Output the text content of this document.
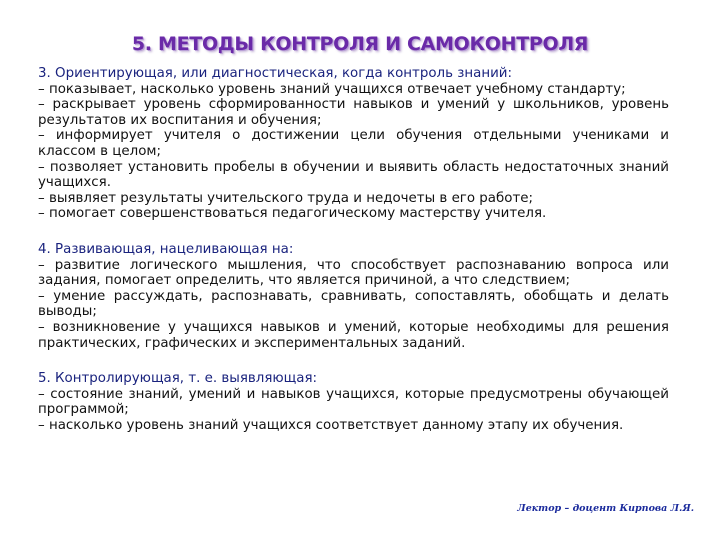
5. МЕТОДЫ КОНТРОЛЯ И САМОКОНТРОЛЯ

3. Ориентирующая, или диагностическая, когда контроль знаний:

– показывает, насколько уровень знаний учащихся отвечает учебному стандарту;

– раскрывает уровень сформированности навыков и умений у школьников, уровень результатов их воспитания и обучения;

– информирует учителя о достижении цели обучения отдельными учениками и классом в целом;

– позволяет установить пробелы в обучении и выявить область недостаточных знаний учащихся.

– выявляет результаты учительского труда и недочеты в его работе;

– помогает совершенствоваться педагогическому мастерству учителя.

4. Развивающая, нацеливающая на:

– развитие логического мышления, что способствует распознаванию вопроса или задания, помогает определить, что является причиной, а что следствием;

– умение рассуждать, распознавать, сравнивать, сопоставлять, обобщать и делать выводы;

– возникновение у учащихся навыков и умений, которые необходимы для решения практических, графических и экспериментальных заданий.

5. Контролирующая, т. е. выявляющая:

– состояние знаний, умений и навыков учащихся, которые предусмотрены обучающей программой;

– насколько уровень знаний учащихся соответствует данному этапу их обучения.

Лектор – доцент Кирпова Л.Я.
